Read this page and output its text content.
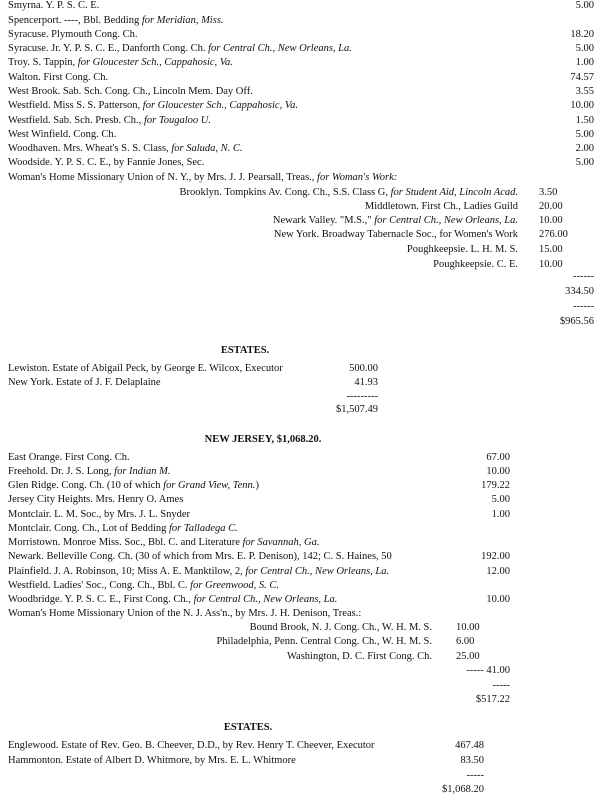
Smyrna. Y. P. S. C. E.	5.00
Spencerport. ----, Bbl. Bedding for Meridian, Miss.
Syracuse. Plymouth Cong. Ch.	18.20
Syracuse. Jr. Y. P. S. C. E., Danforth Cong. Ch. for Central Ch., New Orleans, La.	5.00
Troy. S. Tappin, for Gloucester Sch., Cappahosic, Va.	1.00
Walton. First Cong. Ch.	74.57
West Brook. Sab. Sch. Cong. Ch., Lincoln Mem. Day Off.	3.55
Westfield. Miss S. S. Patterson, for Gloucester Sch., Cappahosic, Va.	10.00
Westfield. Sab. Sch. Presb. Ch., for Tougaloo U.	1.50
West Winfield. Cong. Ch.	5.00
Woodhaven. Mrs. Wheat's S. S. Class, for Saluda, N. C.	2.00
Woodside. Y. P. S. C. E., by Fannie Jones, Sec.	5.00
Woman's Home Missionary Union of N. Y., by Mrs. J. J. Pearsall, Treas., for Woman's Work:
Brooklyn. Tompkins Av. Cong. Ch., S.S. Class G, for Student Aid, Lincoln Acad. 3.50
Middletown. First Ch., Ladies Guild 20.00
Newark Valley. "M.S.," for Central Ch., New Orleans, La. 10.00
New York. Broadway Tabernacle Soc., for Women's Work 276.00
Poughkeepsie. L. H. M. S. 15.00
Poughkeepsie. C. E. 10.00
------
334.50
------
$965.56
ESTATES.
Lewiston. Estate of Abigail Peck, by George E. Wilcox, Executor	500.00
New York. Estate of J. F. Delaplaine	41.93
---------
$1,507.49
NEW JERSEY, $1,068.20.
East Orange. First Cong. Ch.	67.00
Freehold. Dr. J. S. Long, for Indian M.	10.00
Glen Ridge. Cong. Ch. (10 of which for Grand View, Tenn.)	179.22
Jersey City Heights. Mrs. Henry O. Ames	5.00
Montclair. L. M. Soc., by Mrs. J. L. Snyder	1.00
Montclair. Cong. Ch., Lot of Bedding for Talladega C.
Morristown. Monroe Miss. Soc., Bbl. C. and Literature for Savannah, Ga.
Newark. Belleville Cong. Ch. (30 of which from Mrs. E. P. Denison), 142; C. S. Haines, 50	192.00
Plainfield. J. A. Robinson, 10; Miss A. E. Manktilow, 2, for Central Ch., New Orleans, La.	12.00
Westfield. Ladies' Soc., Cong. Ch., Bbl. C. for Greenwood, S. C.
Woodbridge. Y. P. S. C. E., First Cong. Ch., for Central Ch., New Orleans, La.	10.00
Woman's Home Missionary Union of the N. J. Ass'n., by Mrs. J. H. Denison, Treas.:
Bound Brook, N. J. Cong. Ch., W. H. M. S. 10.00
Philadelphia, Penn. Central Cong. Ch., W. H. M. S. 6.00
Washington, D. C. First Cong. Ch. 25.00
----- 41.00
-----
$517.22
ESTATES.
Englewood. Estate of Rev. Geo. B. Cheever, D.D., by Rev. Henry T. Cheever, Executor	467.48
Hammonton. Estate of Albert D. Whitmore, by Mrs. E. L. Whitmore	83.50
-----
$1,068.20
